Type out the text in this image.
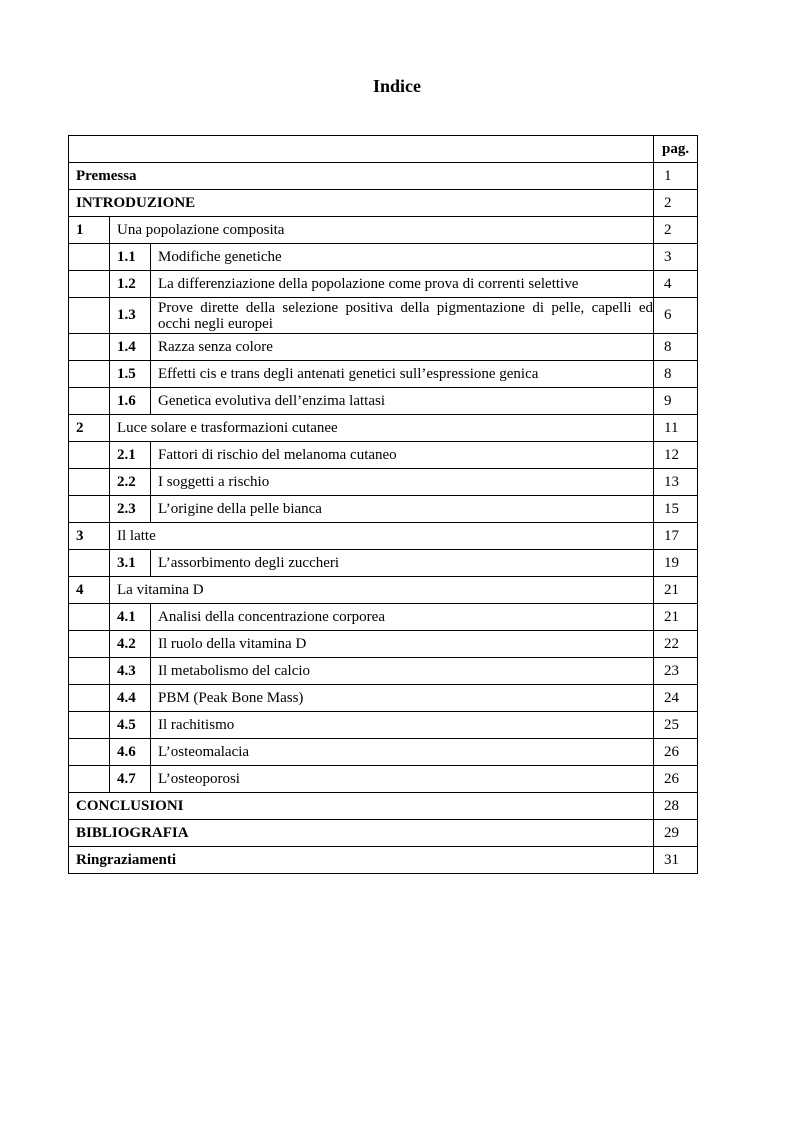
Indice
			pag.
Premessa			1
INTRODUZIONE			2
1	Una popolazione composita		2
	1.1	Modifiche genetiche	3
	1.2	La differenziazione della popolazione come prova di correnti selettive	4
	1.3	Prove dirette della selezione positiva della pigmentazione di pelle, capelli ed occhi negli europei	6
	1.4	Razza senza colore	8
	1.5	Effetti cis e trans degli antenati genetici sull’espressione genica	8
	1.6	Genetica evolutiva dell’enzima lattasi	9
2	Luce solare e trasformazioni cutanee		11
	2.1	Fattori di rischio del melanoma cutaneo	12
	2.2	I soggetti a rischio	13
	2.3	L’origine della pelle bianca	15
3	Il latte		17
	3.1	L’assorbimento degli zuccheri	19
4	La vitamina D		21
	4.1	Analisi della concentrazione corporea	21
	4.2	Il ruolo della vitamina D	22
	4.3	Il metabolismo del calcio	23
	4.4	PBM (Peak Bone Mass)	24
	4.5	Il rachitismo	25
	4.6	L’osteomalacia	26
	4.7	L’osteoporosi	26
CONCLUSIONI			28
BIBLIOGRAFIA			29
Ringraziamenti			31
